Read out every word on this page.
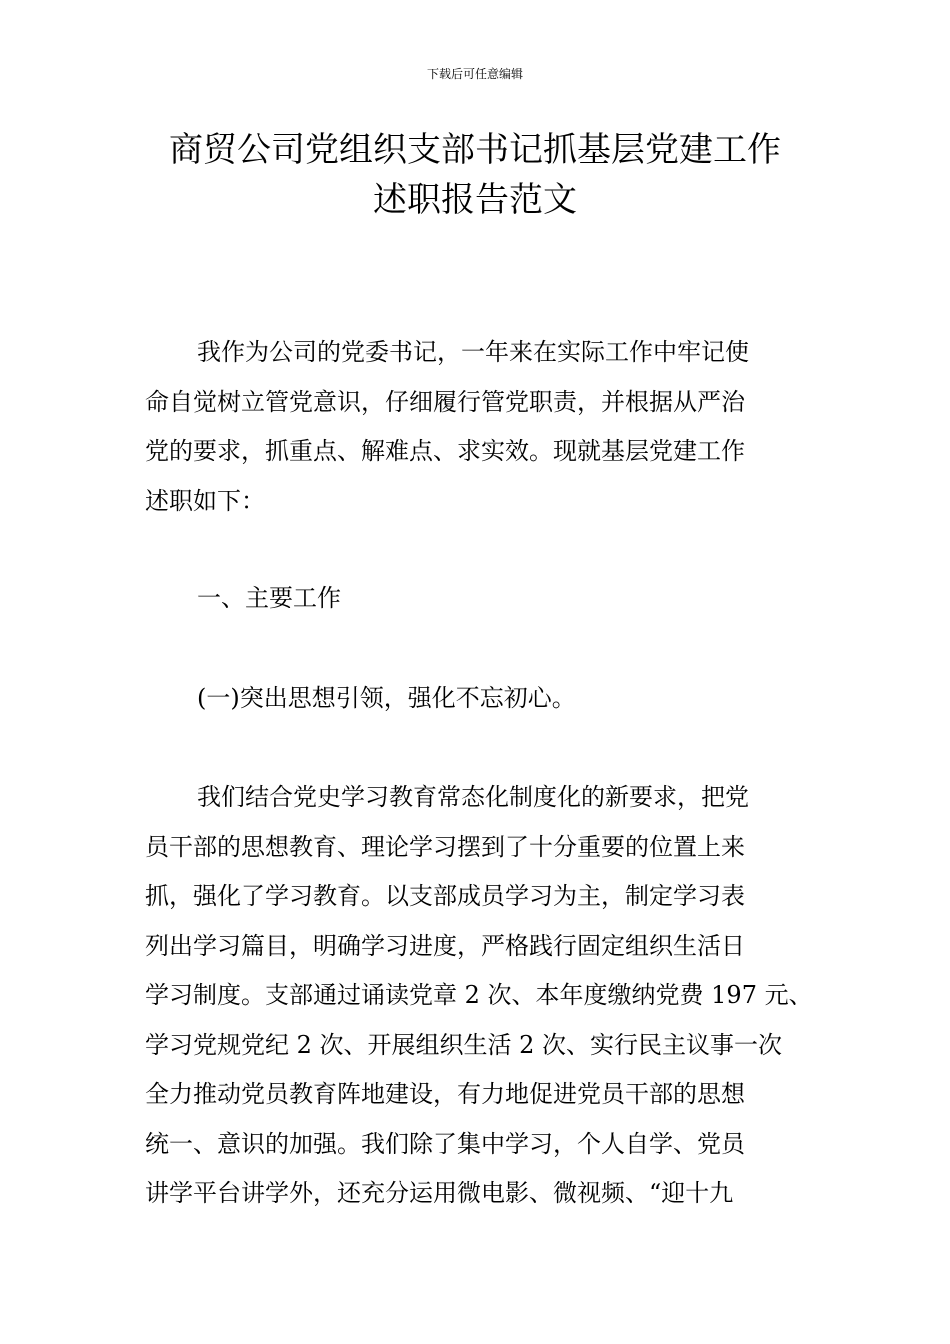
下载后可任意编辑
商贸公司党组织支部书记抓基层党建工作
述职报告范文
我作为公司的党委书记，一年来在实际工作中牢记使
命自觉树立管党意识，仔细履行管党职责，并根据从严治
党的要求，抓重点、解难点、求实效。现就基层党建工作
述职如下：
一、主要工作
(一)突出思想引领，强化不忘初心。
我们结合党史学习教育常态化制度化的新要求，把党
员干部的思想教育、理论学习摆到了十分重要的位置上来
抓，强化了学习教育。以支部成员学习为主，制定学习表
列出学习篇目，明确学习进度，严格践行固定组织生活日
学习制度。支部通过诵读党章 2 次、本年度缴纳党费 197 元、
学习党规党纪 2 次、开展组织生活 2 次、实行民主议事一次
全力推动党员教育阵地建设，有力地促进党员干部的思想
统一、意识的加强。我们除了集中学习，个人自学、党员
讲学平台讲学外，还充分运用微电影、微视频、“迎十九
